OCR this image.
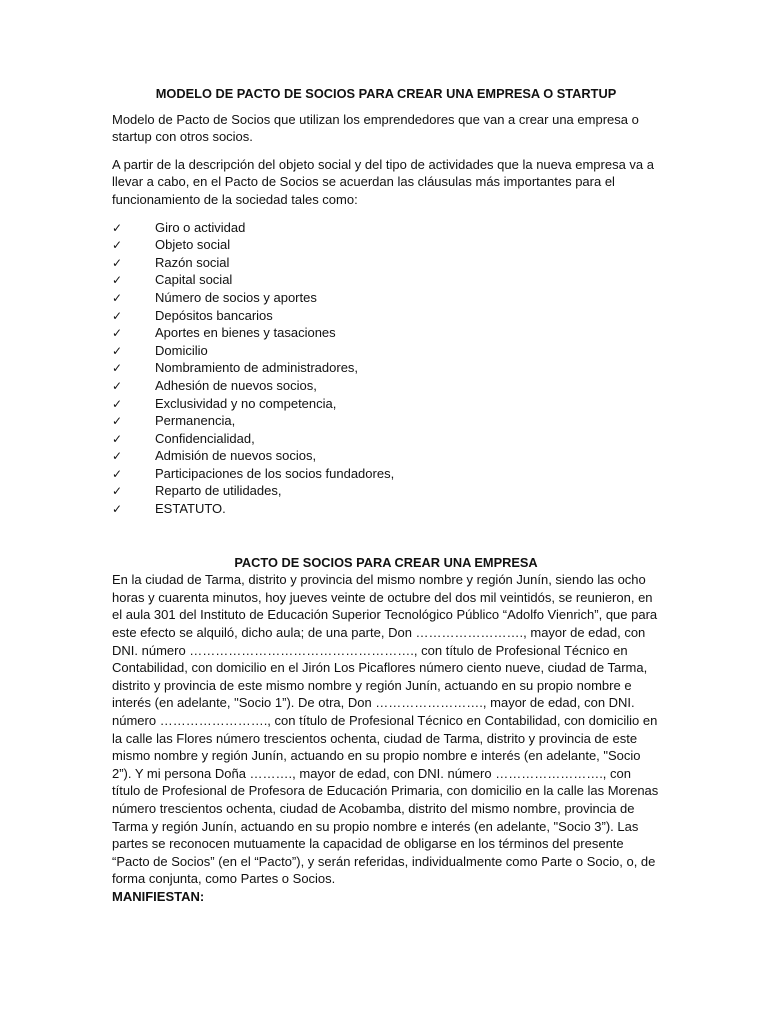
MODELO DE PACTO DE SOCIOS PARA CREAR UNA EMPRESA O STARTUP

Modelo de Pacto de Socios que utilizan los emprendedores que van a crear una empresa o startup con otros socios.

A partir de la descripción del objeto social y del tipo de actividades que la nueva empresa va a llevar a cabo, en el Pacto de Socios se acuerdan las cláusulas más importantes para el funcionamiento de la sociedad tales como:

✓	Giro o actividad
✓	Objeto social
✓	Razón social
✓	Capital social
✓	Número de socios y aportes
✓	Depósitos bancarios
✓	Aportes en bienes y tasaciones
✓	Domicilio
✓	Nombramiento de administradores,
✓	Adhesión de nuevos socios,
✓	Exclusividad y no competencia,
✓	Permanencia,
✓	Confidencialidad,
✓	Admisión de nuevos socios,
✓	Participaciones de los socios fundadores,
✓	Reparto de utilidades,
✓	ESTATUTO.

PACTO DE SOCIOS PARA CREAR UNA EMPRESA

En la ciudad de Tarma, distrito y provincia del mismo nombre y región Junín, siendo las ocho horas y cuarenta minutos, hoy jueves veinte de octubre del dos mil veintidós, se reunieron, en el aula 301 del Instituto de Educación Superior Tecnológico Público “Adolfo Vienrich”, que para este efecto se alquiló, dicho aula; de una parte, Don ……………………., mayor de edad, con DNI. número ……………………………………………., con título de Profesional Técnico en Contabilidad, con domicilio en el Jirón Los Picaflores número ciento nueve, ciudad de Tarma, distrito y provincia de este mismo nombre y región Junín, actuando en su propio nombre e interés (en adelante, "Socio 1”). De otra, Don ……………………., mayor de edad, con DNI. número ……………………., con título de Profesional Técnico en Contabilidad, con domicilio en la calle las Flores número trescientos ochenta, ciudad de Tarma, distrito y provincia de este mismo nombre y región Junín, actuando en su propio nombre e interés (en adelante, "Socio 2”). Y mi persona Doña ………., mayor de edad, con DNI. número ……………………., con título de Profesional de Profesora de Educación Primaria, con domicilio en la calle las Morenas número trescientos ochenta, ciudad de Acobamba, distrito del mismo nombre, provincia de Tarma y región Junín, actuando en su propio nombre e interés (en adelante, "Socio 3”). Las partes se reconocen mutuamente la capacidad de obligarse en los términos del presente “Pacto de Socios” (en el “Pacto”), y serán referidas, individualmente como Parte o Socio, o, de forma conjunta, como Partes o Socios.

MANIFIESTAN:
